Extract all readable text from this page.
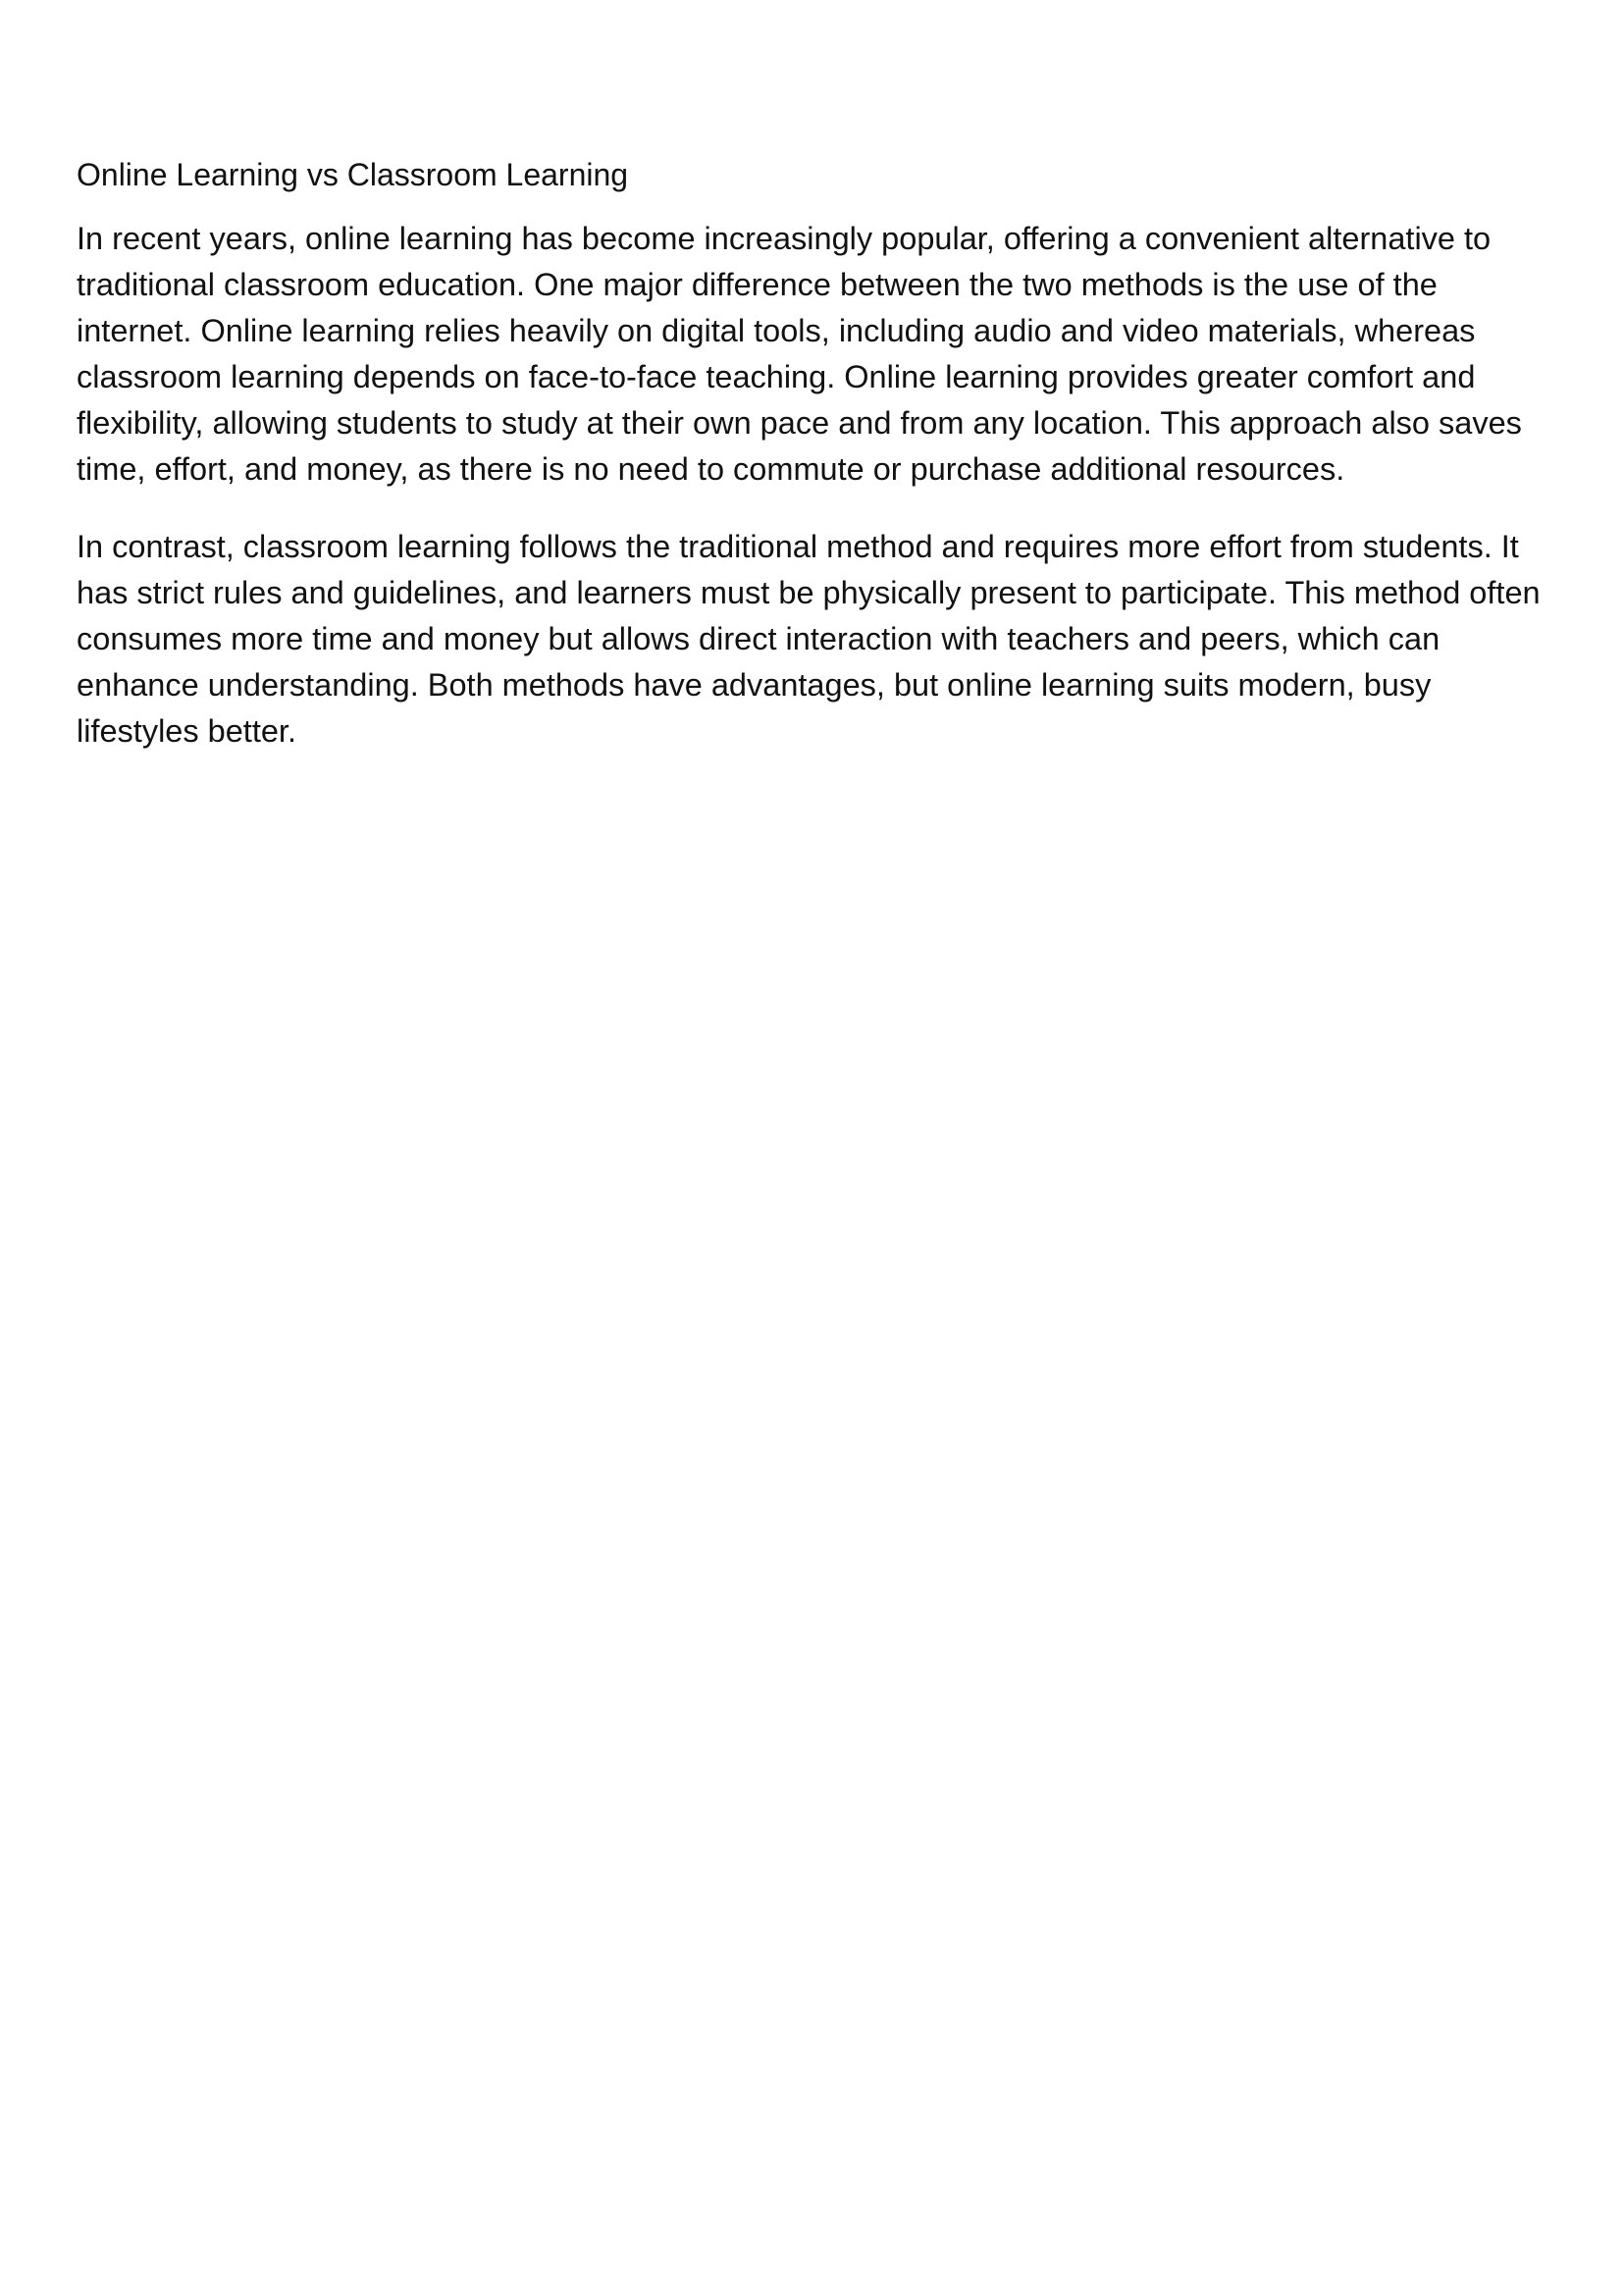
Online Learning vs Classroom Learning

In recent years, online learning has become increasingly popular, offering a convenient alternative to traditional classroom education. One major difference between the two methods is the use of the internet. Online learning relies heavily on digital tools, including audio and video materials, whereas classroom learning depends on face-to-face teaching. Online learning provides greater comfort and flexibility, allowing students to study at their own pace and from any location. This approach also saves time, effort, and money, as there is no need to commute or purchase additional resources.

In contrast, classroom learning follows the traditional method and requires more effort from students. It has strict rules and guidelines, and learners must be physically present to participate. This method often consumes more time and money but allows direct interaction with teachers and peers, which can enhance understanding. Both methods have advantages, but online learning suits modern, busy lifestyles better.
